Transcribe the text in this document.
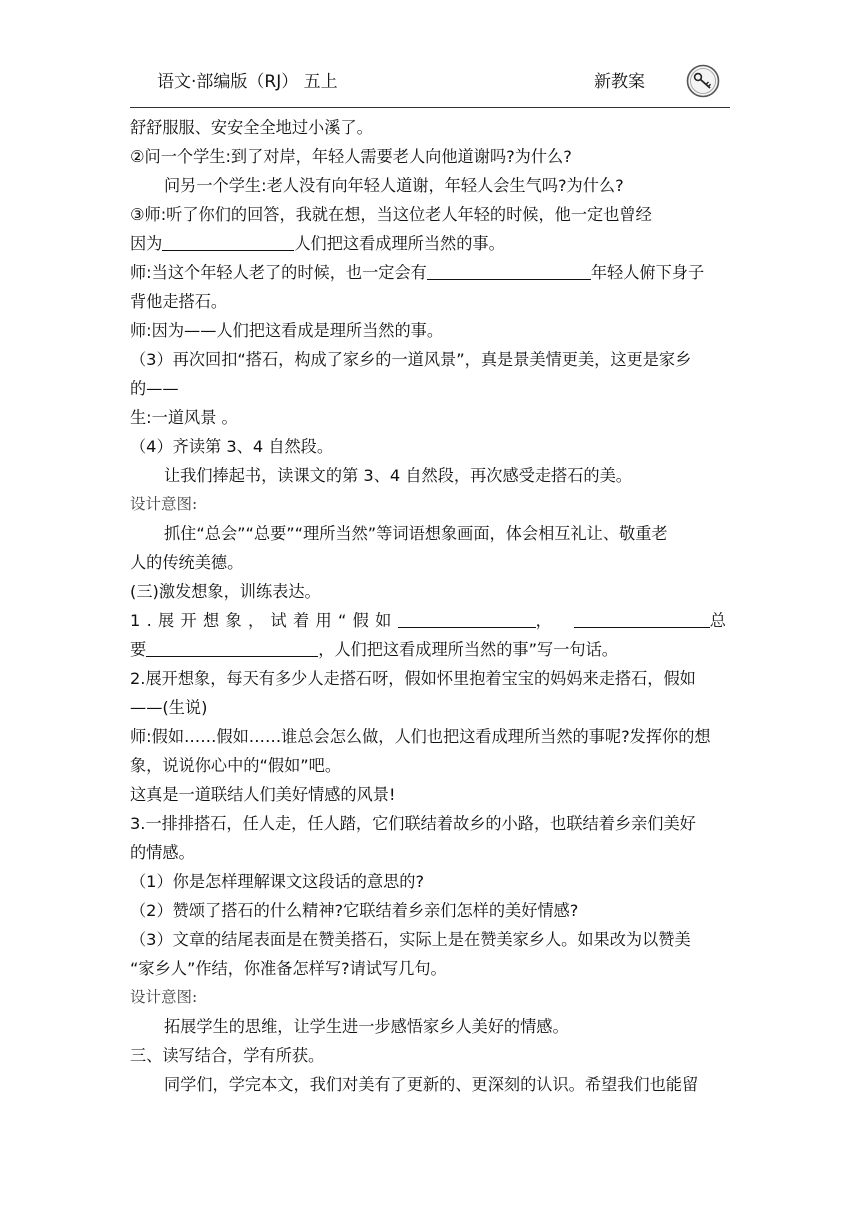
语文·部编版（RJ） 五上	新教案
舒舒服服、安安全全地过小溪了。
②问一个学生:到了对岸，年轻人需要老人向他道谢吗?为什么?
问另一个学生:老人没有向年轻人道谢，年轻人会生气吗?为什么?
③师:听了你们的回答，我就在想，当这位老人年轻的时候，他一定也曾经
因为	人们把这看成理所当然的事。
师:当这个年轻人老了的时候，也一定会有	年轻人俯下身子
背他走搭石。
师:因为——人们把这看成是理所当然的事。
（3）再次回扣“搭石，构成了家乡的一道风景”，真是景美情更美，这更是家乡
的——
生:一道风景 。
（4）齐读第 3、4 自然段。
让我们捧起书，读课文的第 3、4 自然段，再次感受走搭石的美。
设计意图:
抓住“总会”“总要”“理所当然”等词语想象画面，体会相互礼让、敬重老
人的传统美德。
(三)激发想象，训练表达。
1.展开想象，试着用“假如	，	总
要	，人们把这看成理所当然的事”写一句话。
2.展开想象，每天有多少人走搭石呀，假如怀里抱着宝宝的妈妈来走搭石，假如
——(生说)
师:假如……假如……谁总会怎么做，人们也把这看成理所当然的事呢?发挥你的想
象，说说你心中的“假如”吧。
这真是一道联结人们美好情感的风景!
3.一排排搭石，任人走，任人踏，它们联结着故乡的小路，也联结着乡亲们美好
的情感。
（1）你是怎样理解课文这段话的意思的?
（2）赞颂了搭石的什么精神?它联结着乡亲们怎样的美好情感?
（3）文章的结尾表面是在赞美搭石，实际上是在赞美家乡人。如果改为以赞美
“家乡人”作结，你准备怎样写?请试写几句。
设计意图:
拓展学生的思维，让学生进一步感悟家乡人美好的情感。
三、读写结合，学有所获。
同学们，学完本文，我们对美有了更新的、更深刻的认识。希望我们也能留
